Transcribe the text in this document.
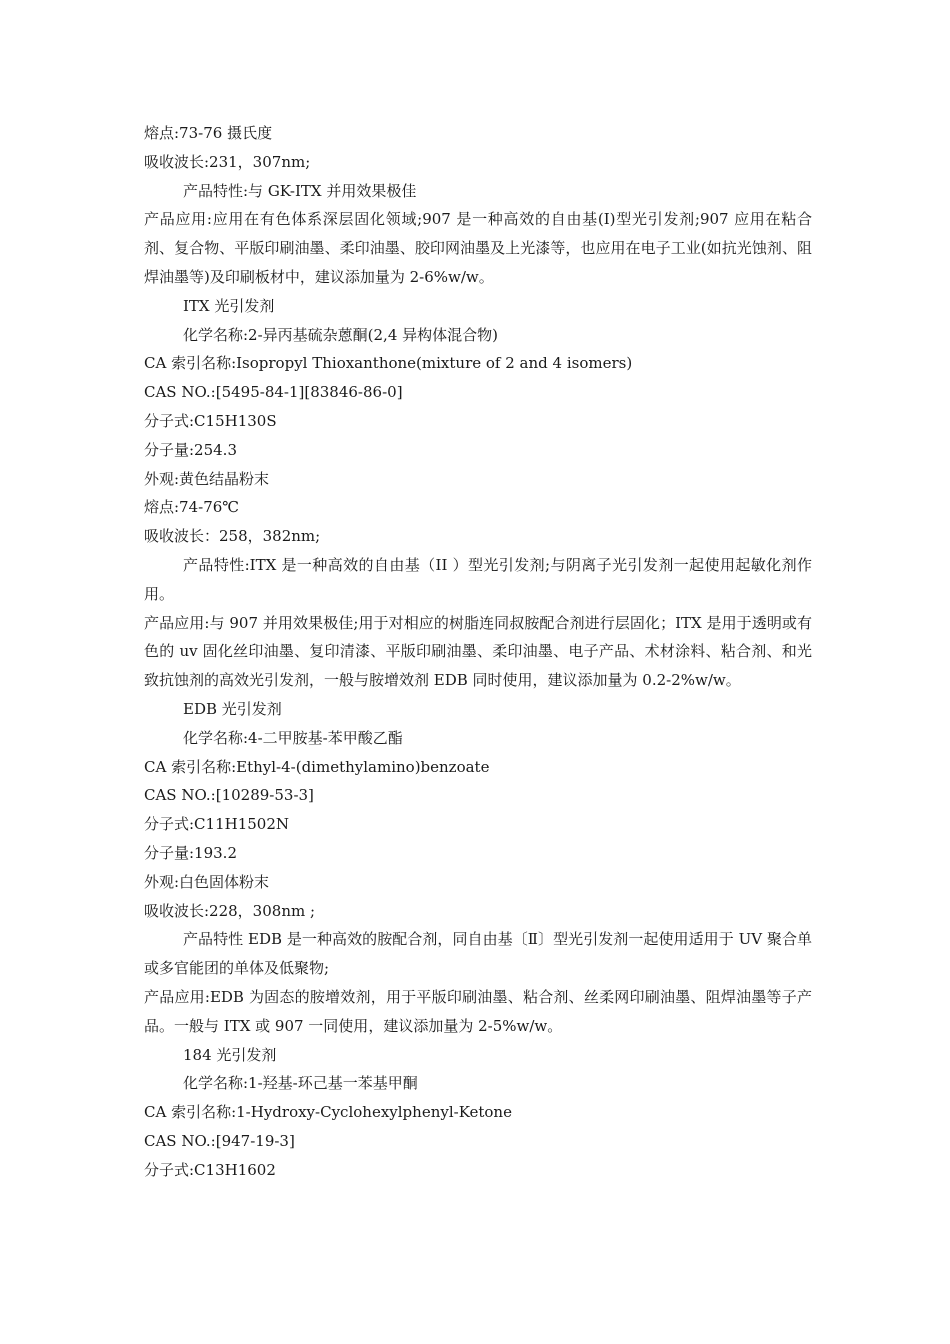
熔点:73-76 摄氏度

吸收波长:231，307nm;

产品特性:与 GK-ITX 并用效果极佳

产品应用:应用在有色体系深层固化领域;907 是一种高效的自由基(I)型光引发剂;907 应用在粘合剂、复合物、平版印刷油墨、柔印油墨、胶印网油墨及上光漆等，也应用在电子工业(如抗光蚀剂、阻焊油墨等)及印刷板材中，建议添加量为 2-6%w/w。

ITX 光引发剂

化学名称:2-异丙基硫杂蒽酮(2,4 异构体混合物)

CA 索引名称:Isopropyl Thioxanthone(mixture of 2 and 4 isomers)

CAS NO.:[5495-84-1][83846-86-0]

分子式:C15H130S

分子量:254.3

外观:黄色结晶粉末

熔点:74-76℃

吸收波长：258，382nm;

产品特性:ITX 是一种高效的自由基（II ）型光引发剂;与阴离子光引发剂一起使用起敏化剂作用。

产品应用:与 907 并用效果极佳;用于对相应的树脂连同叔胺配合剂进行层固化；ITX 是用于透明或有色的 uv 固化丝印油墨、复印清漆、平版印刷油墨、柔印油墨、电子产品、术材涂料、粘合剂、和光致抗蚀剂的高效光引发剂，一般与胺增效剂 EDB 同时使用，建议添加量为 0.2-2%w/w。

EDB 光引发剂

化学名称:4-二甲胺基-苯甲酸乙酯

CA 索引名称:Ethyl-4-(dimethylamino)benzoate

CAS NO.:[10289-53-3]

分子式:C11H1502N

分子量:193.2

外观:白色固体粉末

吸收波长:228，308nm ;

产品特性 EDB 是一种高效的胺配合剂，同自由基〔Ⅱ〕型光引发剂一起使用适用于 UV 聚合单或多官能团的单体及低聚物;

产品应用:EDB 为固态的胺增效剂，用于平版印刷油墨、粘合剂、丝柔网印刷油墨、阻焊油墨等子产品。一般与 ITX 或 907 一同使用，建议添加量为 2-5%w/w。

184 光引发剂

化学名称:1-羟基-环己基一苯基甲酮

CA 索引名称:1-Hydroxy-Cyclohexylphenyl-Ketone

CAS NO.:[947-19-3]

分子式:C13H1602
